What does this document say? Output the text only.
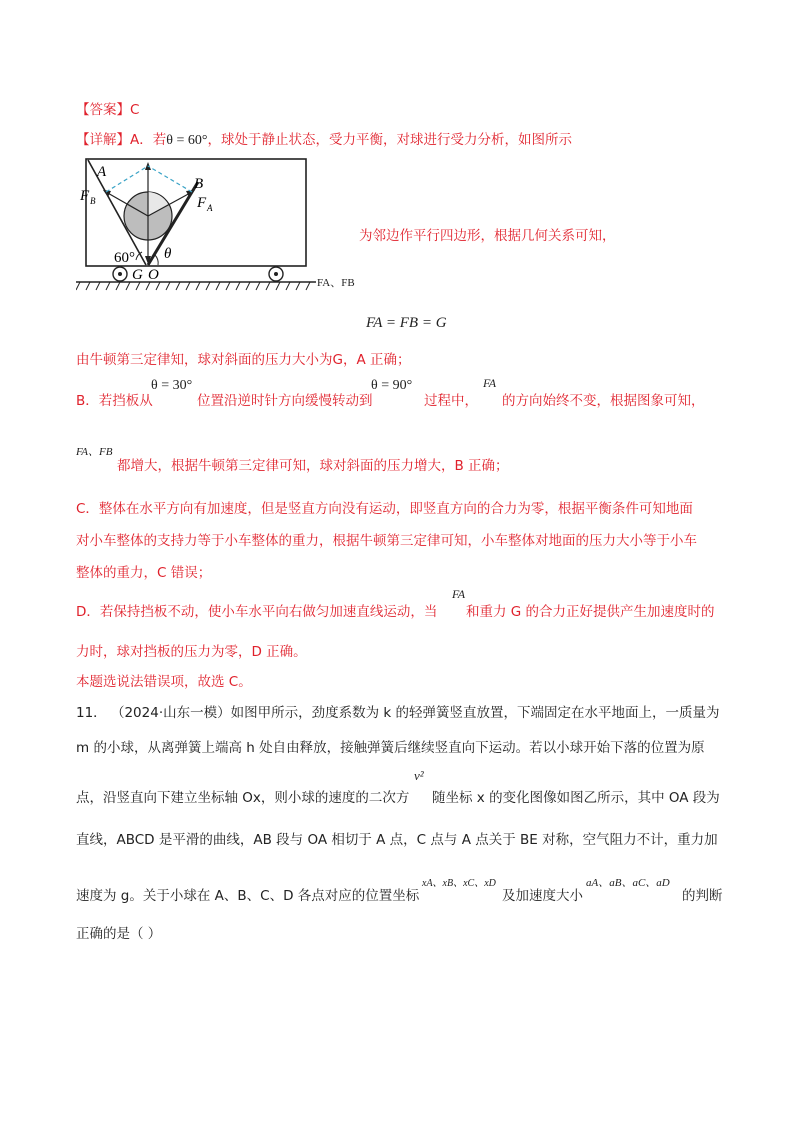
【答案】C
【详解】A．若θ = 60°，球处于静止状态，受力平衡，对球进行受力分析，如图所示
A
B
F B	F A
60° θ
G O
为邻边作平行四边形，根据几何关系可知，
FA、FB
FA = FB = G
由牛顿第三定律知，球对斜面的压力大小为G，A 正确；
B．若挡板从
θ = 30°
位置沿逆时针方向缓慢转动到
θ = 90°
过程中，
FA
的方向始终不变，根据图象可知，
FA、FB
都增大，根据牛顿第三定律可知，球对斜面的压力增大，B 正确；
C．整体在水平方向有加速度，但是竖直方向没有运动，即竖直方向的合力为零，根据平衡条件可知地面
对小车整体的支持力等于小车整体的重力，根据牛顿第三定律可知，小车整体对地面的压力大小等于小车
整体的重力，C 错误；
D．若保持挡板不动，使小车水平向右做匀加速直线运动，当
FA
和重力 G 的合力正好提供产生加速度时的
力时，球对挡板的压力为零，D 正确。
本题选说法错误项，故选 C。
11． （2024·山东一模）如图甲所示，劲度系数为 k 的轻弹簧竖直放置，下端固定在水平地面上，一质量为
m 的小球，从离弹簧上端高 h 处自由释放，接触弹簧后继续竖直向下运动。若以小球开始下落的位置为原
点，沿竖直向下建立坐标轴 Ox，则小球的速度的二次方
v²
随坐标 x 的变化图像如图乙所示，其中 OA 段为
直线，ABCD 是平滑的曲线，AB 段与 OA 相切于 A 点，C 点与 A 点关于 BE 对称，空气阻力不计，重力加
速度为 g。关于小球在 A、B、C、D 各点对应的位置坐标
xA、xB、xC、xD
及加速度大小
aA、aB、aC、aD
的判断
正确的是（ ）
